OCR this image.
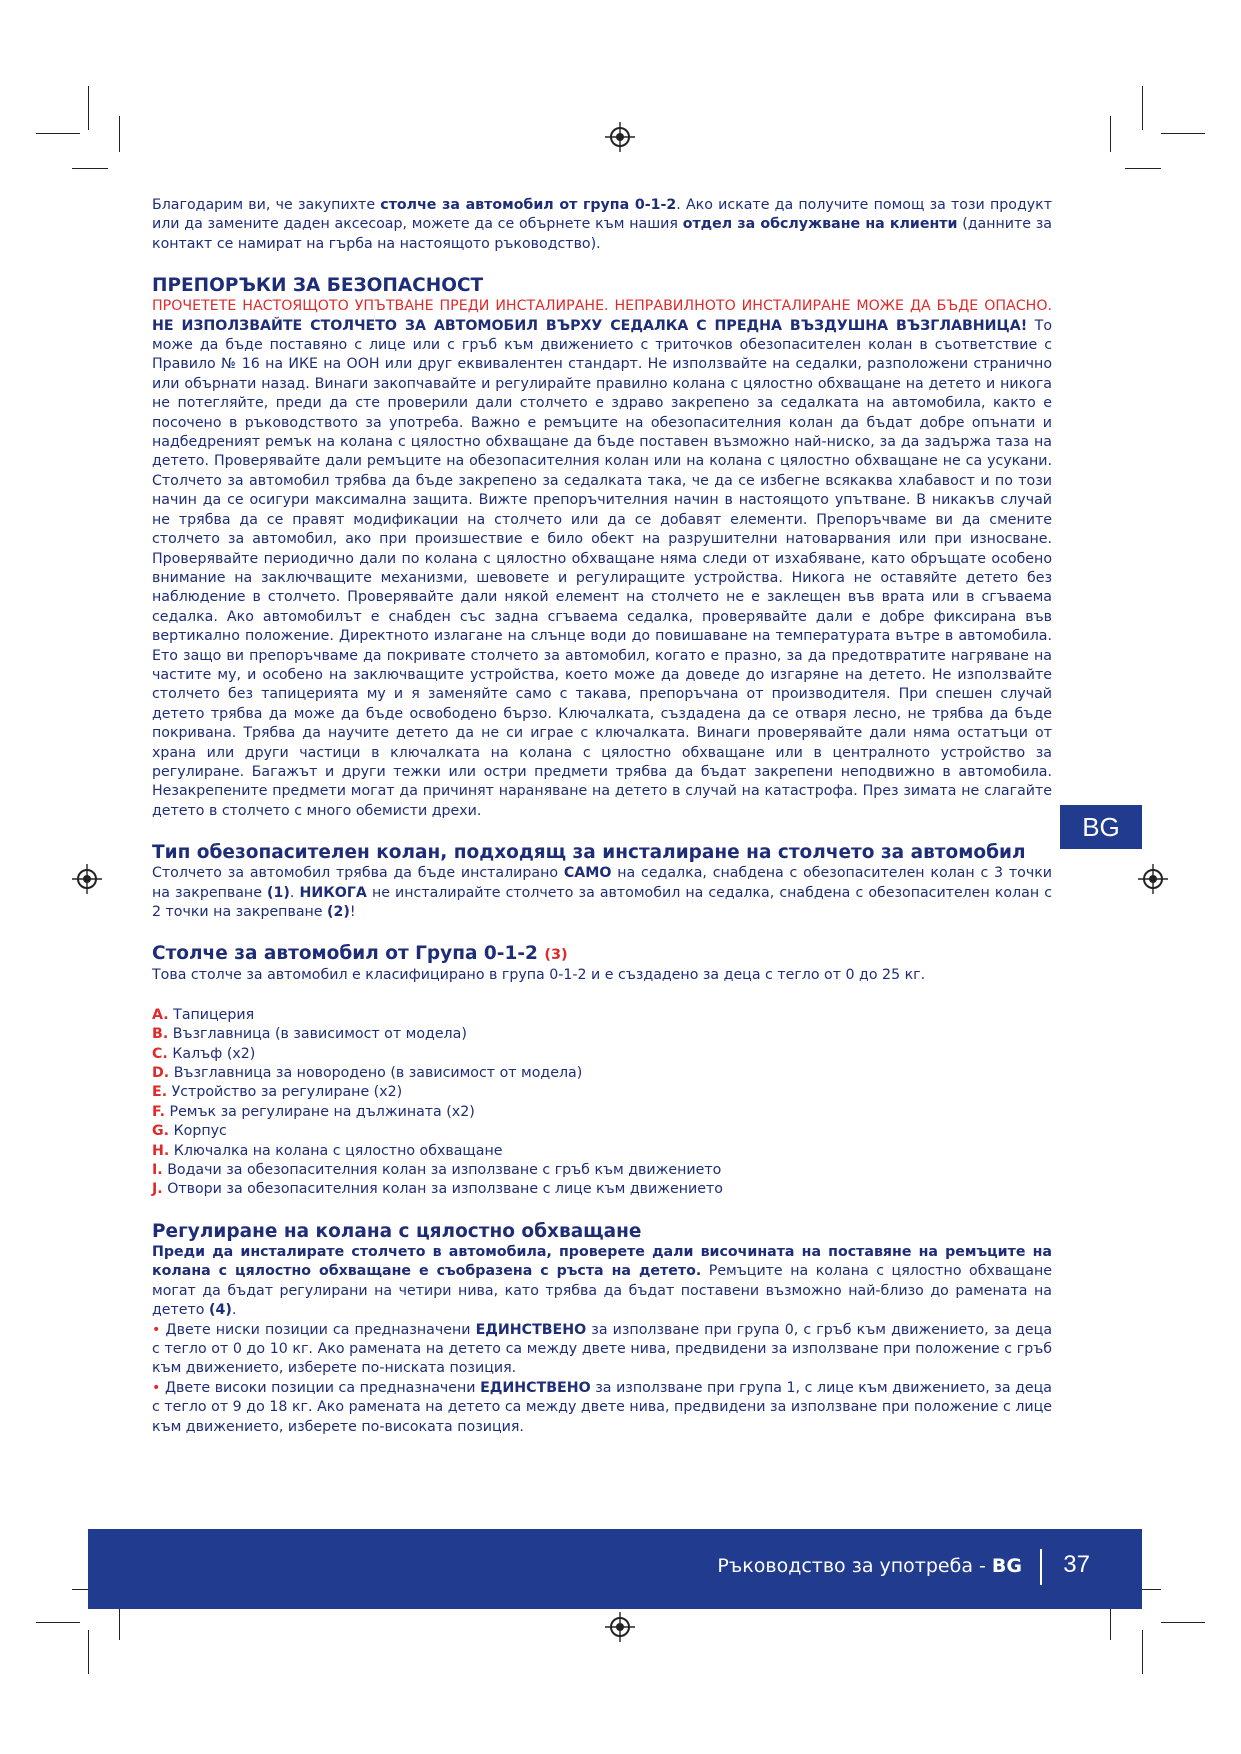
Благодарим ви, че закупихте столче за автомобил от група 0-1-2. Ако искате да получите помощ за този продукт или да замените даден аксесоар, можете да се обърнете към нашия отдел за обслужване на клиенти (данните за контакт се намират на гърба на настоящото ръководство).

ПРЕПОРЪКИ ЗА БЕЗОПАСНОСТ

ПРОЧЕТЕТЕ НАСТОЯЩОТО УПЪТВАНЕ ПРЕДИ ИНСТАЛИРАНЕ. НЕПРАВИЛНОТО ИНСТАЛИРАНЕ МОЖЕ ДА БЪДЕ ОПАСНО. НЕ ИЗПОЛЗВАЙТЕ СТОЛЧЕТО ЗА АВТОМОБИЛ ВЪРХУ СЕДАЛКА С ПРЕДНА ВЪЗДУШНА ВЪЗГЛАВНИЦА! То може да бъде поставяно с лице или с гръб към движението с триточков обезопасителен колан в съответствие с Правило № 16 на ИКЕ на ООН или друг еквивалентен стандарт. Не използвайте на седалки, разположени странично или обърнати назад. Винаги закопчавайте и регулирайте правилно колана с цялостно обхващане на детето и никога не потегляйте, преди да сте проверили дали столчето е здраво закрепено за седалката на автомобила, както е посочено в ръководството за употреба. Важно е ремъците на обезопасителния колан да бъдат добре опънати и надбедреният ремък на колана с цялостно обхващане да бъде поставен възможно най-ниско, за да задържа таза на детето. Проверявайте дали ремъците на обезопасителния колан или на колана с цялостно обхващане не са усукани. Столчето за автомобил трябва да бъде закрепено за седалката така, че да се избегне всякаква хлабавост и по този начин да се осигури максимална защита. Вижте препоръчителния начин в настоящото упътване. В никакъв случай не трябва да се правят модификации на столчето или да се добавят елементи. Препоръчваме ви да смените столчето за автомобил, ако при произшествие е било обект на разрушителни натоварвания или при износване. Проверявайте периодично дали по колана с цялостно обхващане няма следи от изхабяване, като обръщате особено внимание на заключващите механизми, шевовете и регулиращите устройства. Никога не оставяйте детето без наблюдение в столчето. Проверявайте дали някой елемент на столчето не е заклещен във врата или в сгъваема седалка. Ако автомобилът е снабден със задна сгъваема седалка, проверявайте дали е добре фиксирана във вертикално положение. Директното излагане на слънце води до повишаване на температурата вътре в автомобила. Ето защо ви препоръчваме да покривате столчето за автомобил, когато е празно, за да предотвратите нагряване на частите му, и особено на заключващите устройства, което може да доведе до изгаряне на детето. Не използвайте столчето без тапицерията му и я заменяйте само с такава, препоръчана от производителя. При спешен случай детето трябва да може да бъде освободено бързо. Ключалката, създадена да се отваря лесно, не трябва да бъде покривана. Трябва да научите детето да не си играе с ключалката. Винаги проверявайте дали няма остатъци от храна или други частици в ключалката на колана с цялостно обхващане или в централното устройство за регулиране. Багажът и други тежки или остри предмети трябва да бъдат закрепени неподвижно в автомобила. Незакрепените предмети могат да причинят нараняване на детето в случай на катастрофа. През зимата не слагайте детето в столчето с много обемисти дрехи.

Тип обезопасителен колан, подходящ за инсталиране на столчето за автомобил

Столчето за автомобил трябва да бъде инсталирано САМО на седалка, снабдена с обезопасителен колан с 3 точки на закрепване (1). НИКОГА не инсталирайте столчето за автомобил на седалка, снабдена с обезопасителен колан с 2 точки на закрепване (2)!

Столче за автомобил от Група 0-1-2 (3)

Това столче за автомобил е класифицирано в група 0-1-2 и е създадено за деца с тегло от 0 до 25 кг.

A. Тапицерия

B. Възглавница (в зависимост от модела)

C. Калъф (х2)

D. Възглавница за новородено (в зависимост от модела)

E. Устройство за регулиране (х2)

F. Ремък за регулиране на дължината (х2)

G. Корпус

H. Ключалка на колана с цялостно обхващане

I. Водачи за обезопасителния колан за използване с гръб към движението

J. Отвори за обезопасителния колан за използване с лице към движението

Регулиране на колана с цялостно обхващане

Преди да инсталирате столчето в автомобила, проверете дали височината на поставяне на ремъците на колана с цялостно обхващане е съобразена с ръста на детето. Ремъците на колана с цялостно обхващане могат да бъдат регулирани на четири нива, като трябва да бъдат поставени възможно най-близо до рамената на детето (4).

• Двете ниски позиции са предназначени ЕДИНСТВЕНО за използване при група 0, с гръб към движението, за деца с тегло от 0 до 10 кг. Ако рамената на детето са между двете нива, предвидени за използване при положение с гръб към движението, изберете по-ниската позиция.

• Двете високи позиции са предназначени ЕДИНСТВЕНО за използване при група 1, с лице към движението, за деца с тегло от 9 до 18 кг. Ако рамената на детето са между двете нива, предвидени за използване при положение с лице към движението, изберете по-високата позиция.

BG
Ръководство за употреба - BG 37
